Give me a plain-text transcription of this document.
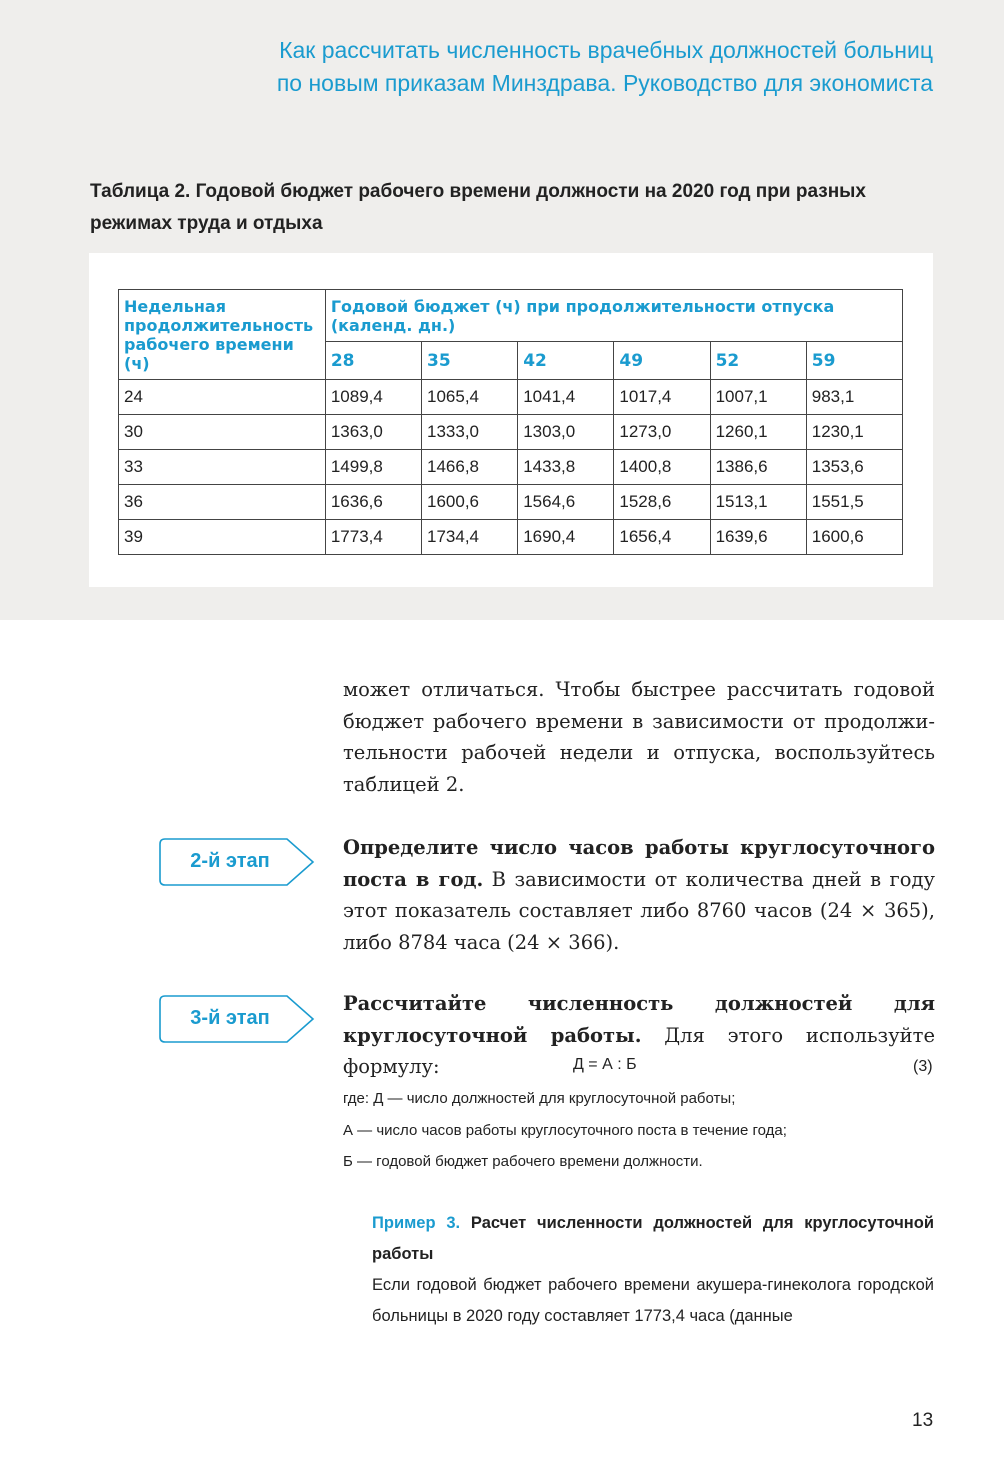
Как рассчитать численность врачебных должностей больниц
по новым приказам Минздрава. Руководство для экономиста
Таблица 2. Годовой бюджет рабочего времени должности на 2020 год при разных
режимах труда и отдыха
Недельная продолжительность рабочего времени (ч)	Годовой бюджет (ч) при продолжительности отпуска (календ. дн.)					
	28	35	42	49	52	59
24	1089,4	1065,4	1041,4	1017,4	1007,1	983,1
30	1363,0	1333,0	1303,0	1273,0	1260,1	1230,1
33	1499,8	1466,8	1433,8	1400,8	1386,6	1353,6
36	1636,6	1600,6	1564,6	1528,6	1513,1	1551,5
39	1773,4	1734,4	1690,4	1656,4	1639,6	1600,6
может отличаться. Чтобы быстрее рассчитать годовой бюджет рабочего времени в зависимости от продолжительности рабочей недели и отпуска, воспользуйтесь таблицей 2.
2-й этап
Определите число часов работы круглосуточного поста в год. В зависимости от количества дней в году этот показатель составляет либо 8760 часов (24 × 365), либо 8784 часа (24 × 366).
3-й этап
Рассчитайте численность должностей для круглосуточной работы. Для этого используйте формулу:	Д = А : Б	(3)
где: Д — число должностей для круглосуточной работы;
А — число часов работы круглосуточного поста в течение года;
Б — годовой бюджет рабочего времени должности.
Пример 3. Расчет численности должностей для круглосуточной работы
Если годовой бюджет рабочего времени акушера-гинеколога городской больницы в 2020 году составляет 1773,4 часа (данные
13
